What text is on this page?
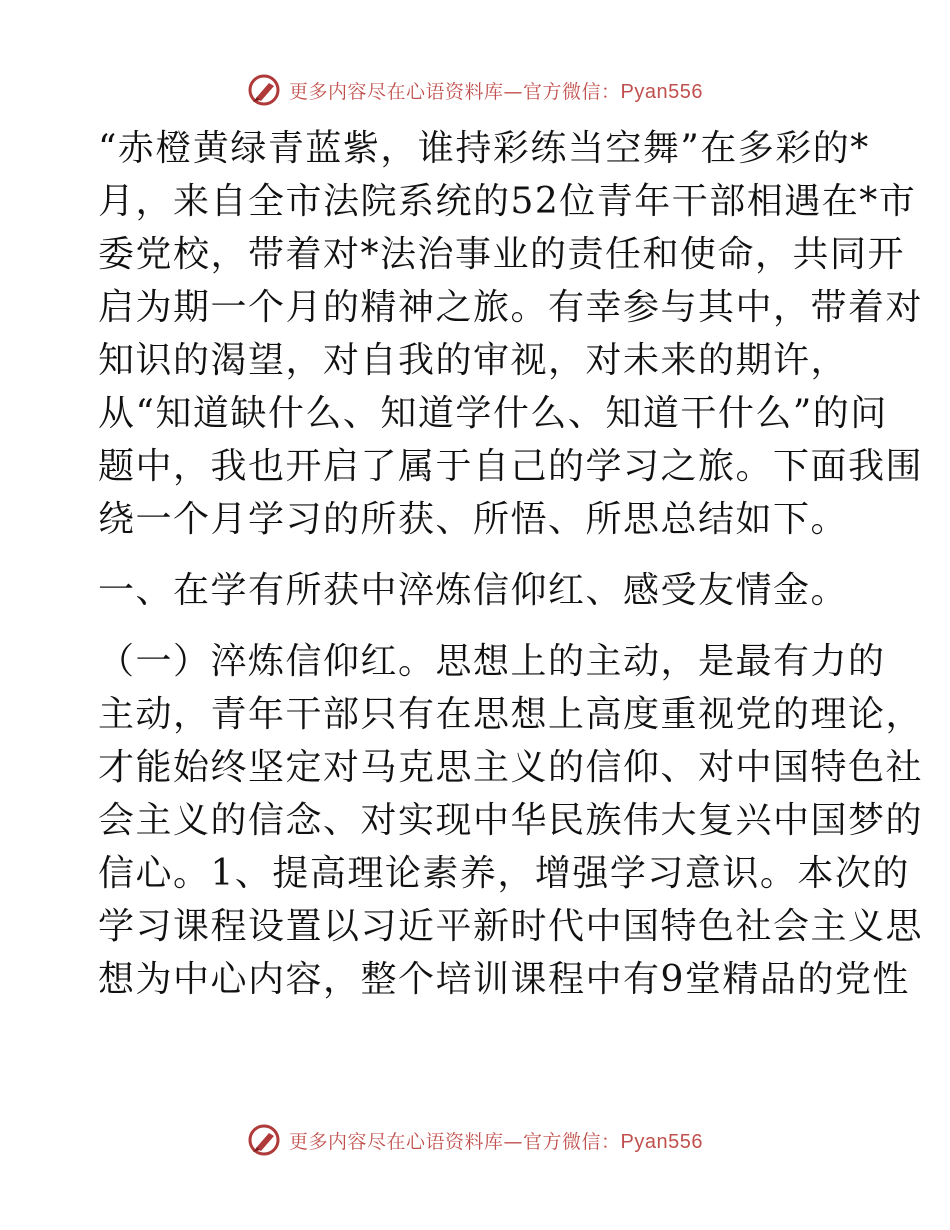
更多内容尽在心语资料库—官方微信：Pyan556
“赤橙黄绿青蓝紫，谁持彩练当空舞”在多彩的*
月，来自全市法院系统的52位青年干部相遇在*市
委党校，带着对*法治事业的责任和使命，共同开
启为期一个月的精神之旅。有幸参与其中，带着对
知识的渴望，对自我的审视，对未来的期许，
从“知道缺什么、知道学什么、知道干什么”的问
题中，我也开启了属于自己的学习之旅。下面我围
绕一个月学习的所获、所悟、所思总结如下。
一、在学有所获中淬炼信仰红、感受友情金。
（一）淬炼信仰红。思想上的主动，是最有力的
主动，青年干部只有在思想上高度重视党的理论，
才能始终坚定对马克思主义的信仰、对中国特色社
会主义的信念、对实现中华民族伟大复兴中国梦的
信心。1、提高理论素养，增强学习意识。本次的
学习课程设置以习近平新时代中国特色社会主义思
想为中心内容，整个培训课程中有9堂精品的党性
更多内容尽在心语资料库—官方微信：Pyan556
